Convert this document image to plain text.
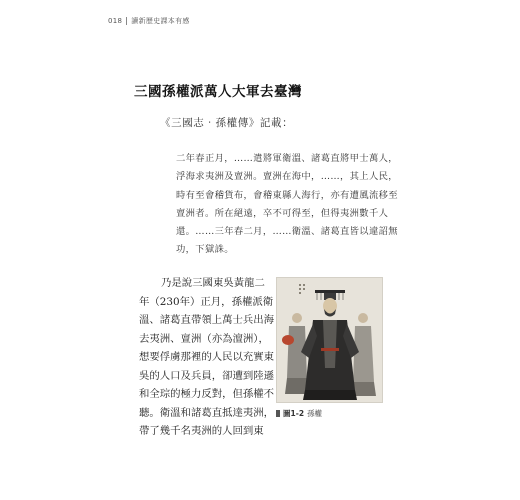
018 讀新歷史課本有感
三國孫權派萬人大軍去臺灣
《三國志‧孫權傳》記載：
二年春正月，……遣將軍衛溫、諸葛直將甲士萬人，
浮海求夷洲及亶洲。亶洲在海中，……，其上人民，
時有至會稽貨布，會稽東縣人海行，亦有遭風流移至
亶洲者。所在絕遠，卒不可得至，但得夷洲數千人
還。……三年春二月，……衛溫、諸葛直皆以違詔無
功，下獄誅。
乃是說三國東吳黃龍二
年（230年）正月，孫權派衛
溫、諸葛直帶領上萬士兵出海
去夷洲、亶洲（亦為澶洲），
想要俘虜那裡的人民以充實東
吳的人口及兵員，卻遭到陸遜
和全琮的極力反對，但孫權不
聽。衛溫和諸葛直抵達夷洲，
帶了幾千名夷洲的人回到東
圖1-2 孫權
